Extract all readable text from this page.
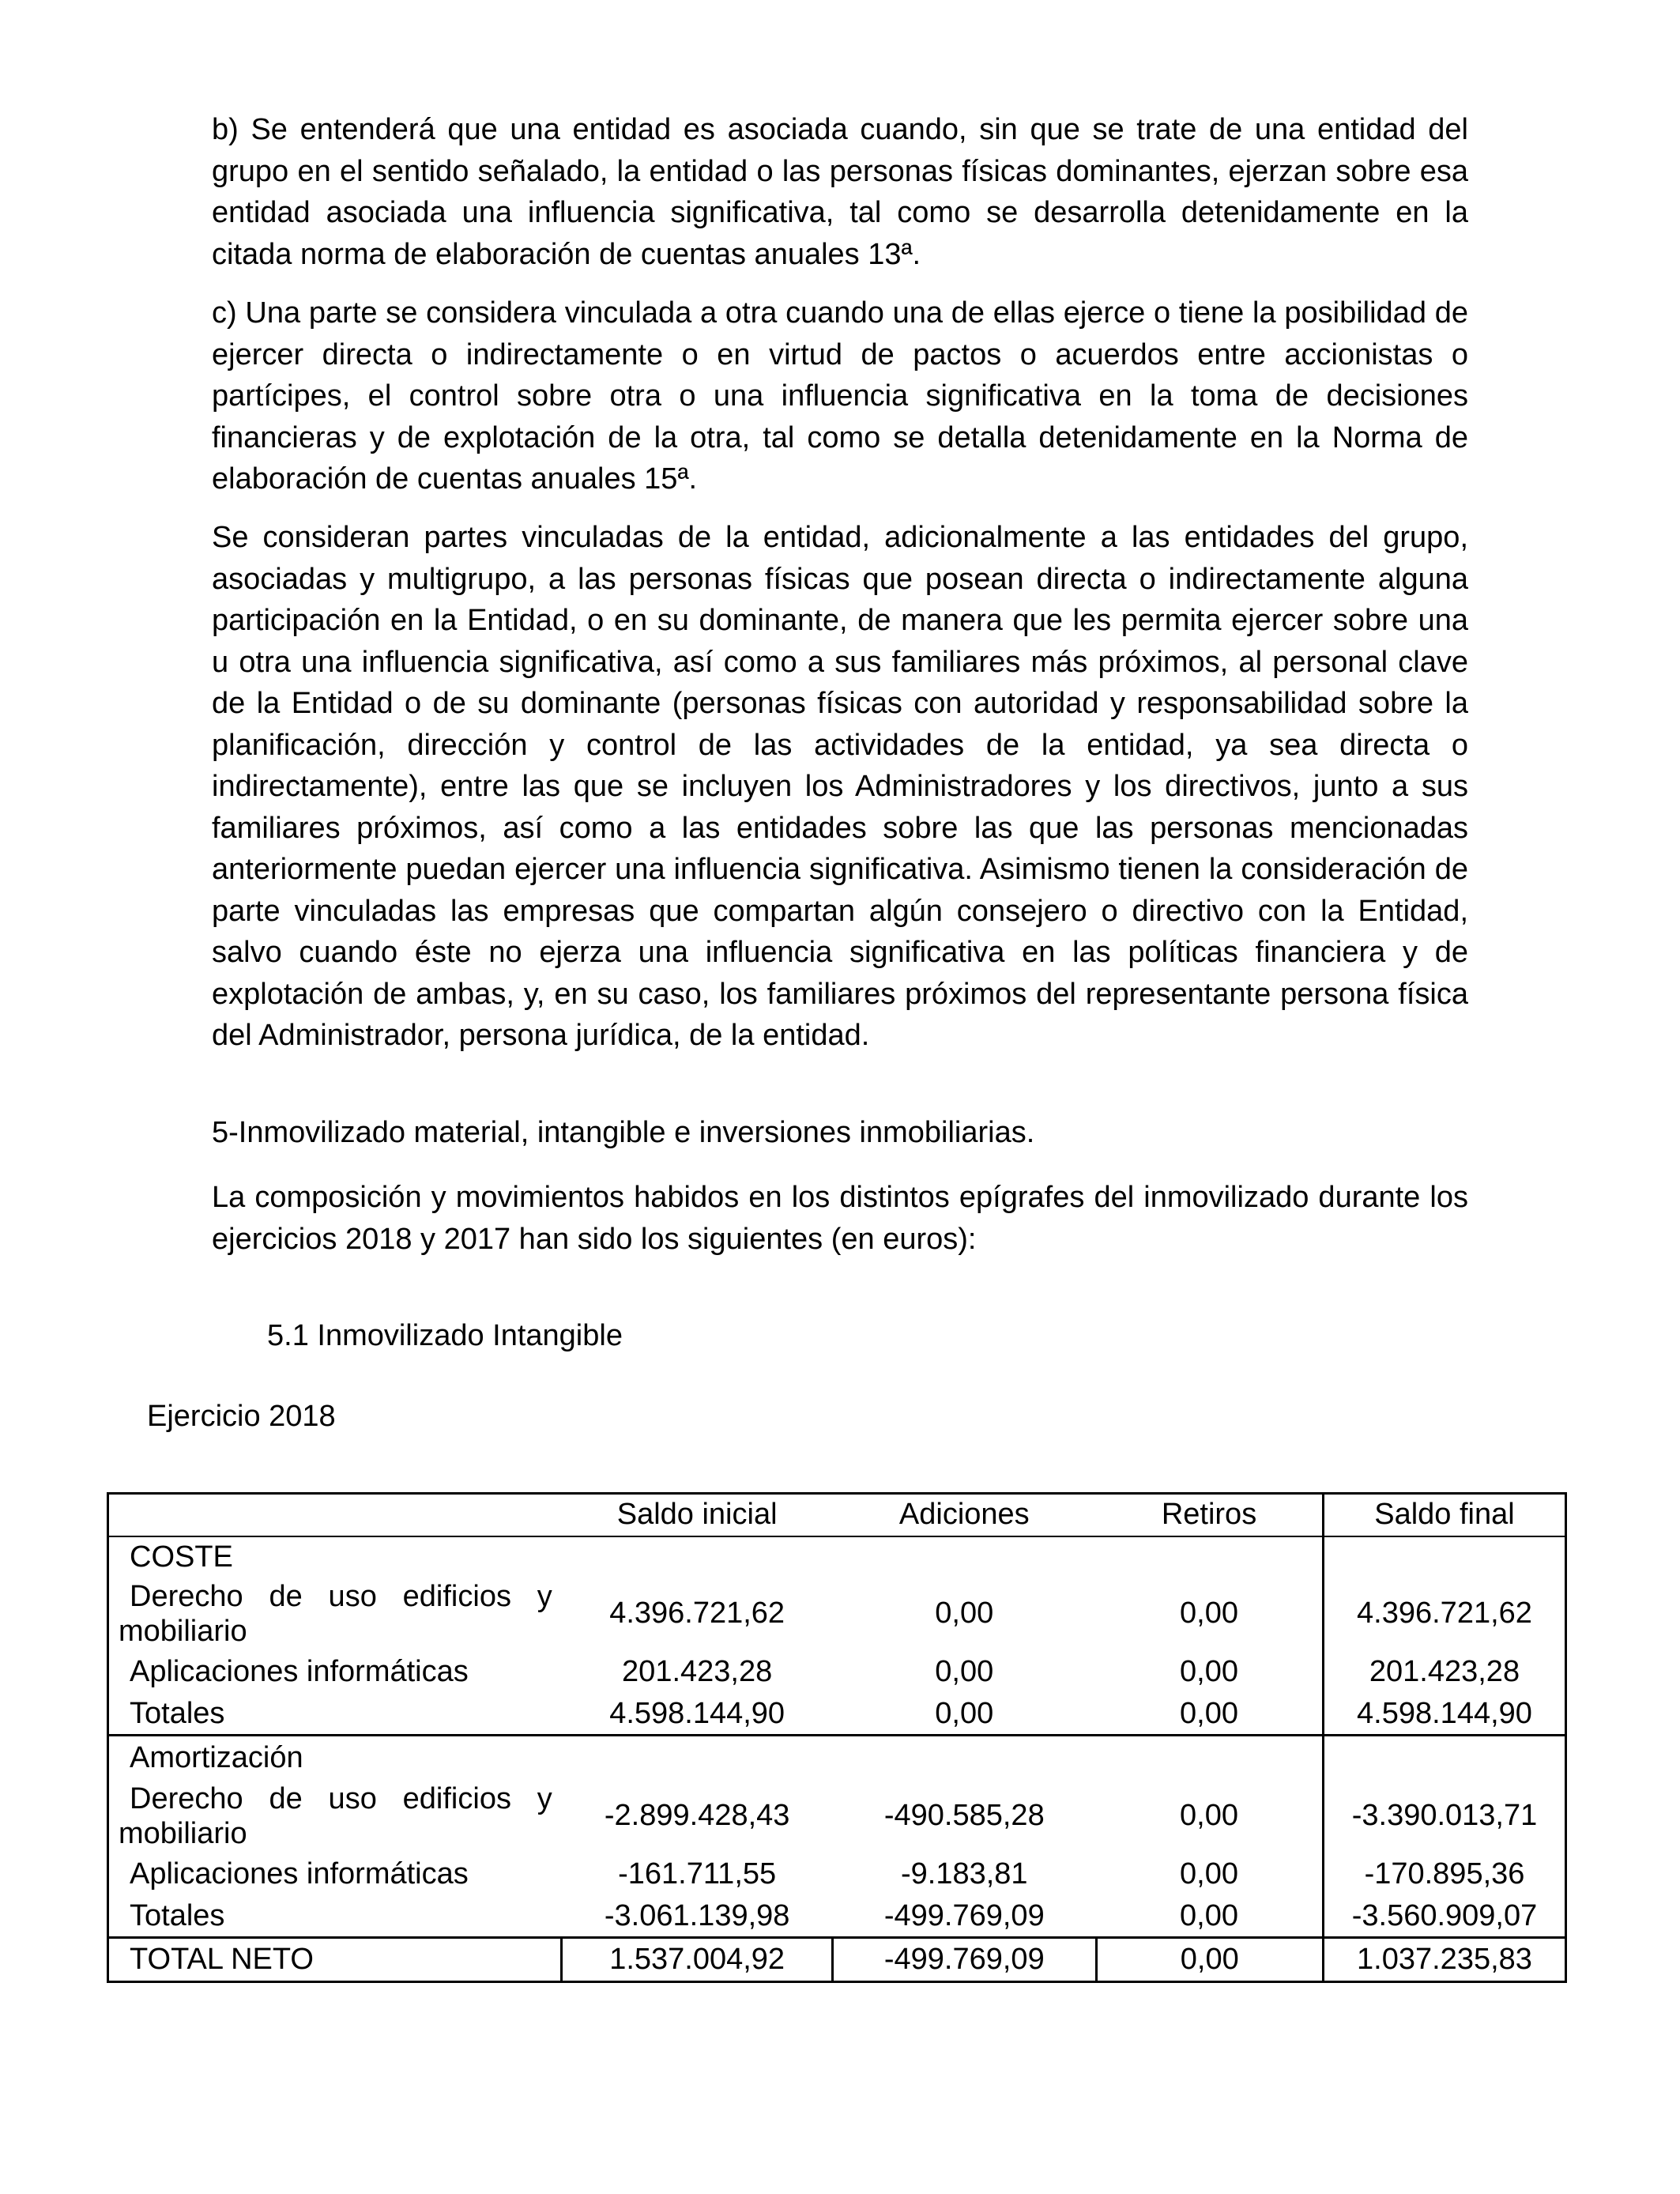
b) Se entenderá que una entidad es asociada cuando, sin que se trate de una entidad del grupo en el sentido señalado, la entidad o las personas físicas dominantes, ejerzan sobre esa entidad asociada una influencia significativa, tal como se desarrolla detenidamente en la citada norma de elaboración de cuentas anuales 13ª.

c) Una parte se considera vinculada a otra cuando una de ellas ejerce o tiene la posibilidad de ejercer directa o indirectamente o en virtud de pactos o acuerdos entre accionistas o partícipes, el control sobre otra o una influencia significativa en la toma de decisiones financieras y de explotación de la otra, tal como se detalla detenidamente en la Norma de elaboración de cuentas anuales 15ª.

Se consideran partes vinculadas de la entidad, adicionalmente a las entidades del grupo, asociadas y multigrupo, a las personas físicas que posean directa o indirectamente alguna participación en la Entidad, o en su dominante, de manera que les permita ejercer sobre una u otra una influencia significativa, así como a sus familiares más próximos, al personal clave de la Entidad o de su dominante (personas físicas con autoridad y responsabilidad sobre la planificación, dirección y control de las actividades de la entidad, ya sea directa o indirectamente), entre las que se incluyen los Administradores y los directivos, junto a sus familiares próximos, así como a las entidades sobre las que las personas mencionadas anteriormente puedan ejercer una influencia significativa. Asimismo tienen la consideración de parte vinculadas las empresas que compartan algún consejero o directivo con la Entidad, salvo cuando éste no ejerza una influencia significativa en las políticas financiera y de explotación de ambas, y, en su caso, los familiares próximos del representante persona física del Administrador, persona jurídica, de la entidad.

5-Inmovilizado material, intangible e inversiones inmobiliarias.

La composición y movimientos habidos en los distintos epígrafes del inmovilizado durante los ejercicios 2018 y 2017 han sido los siguientes (en euros):

5.1 Inmovilizado Intangible

Ejercicio 2018

	Saldo inicial	Adiciones	Retiros	Saldo final
COSTE				
Derecho de uso edificios y mobiliario	4.396.721,62	0,00	0,00	4.396.721,62
Aplicaciones informáticas	201.423,28	0,00	0,00	201.423,28
Totales	4.598.144,90	0,00	0,00	4.598.144,90
Amortización				
Derecho de uso edificios y mobiliario	-2.899.428,43	-490.585,28	0,00	-3.390.013,71
Aplicaciones informáticas	-161.711,55	-9.183,81	0,00	-170.895,36
Totales	-3.061.139,98	-499.769,09	0,00	-3.560.909,07
TOTAL NETO	1.537.004,92	-499.769,09	0,00	1.037.235,83
